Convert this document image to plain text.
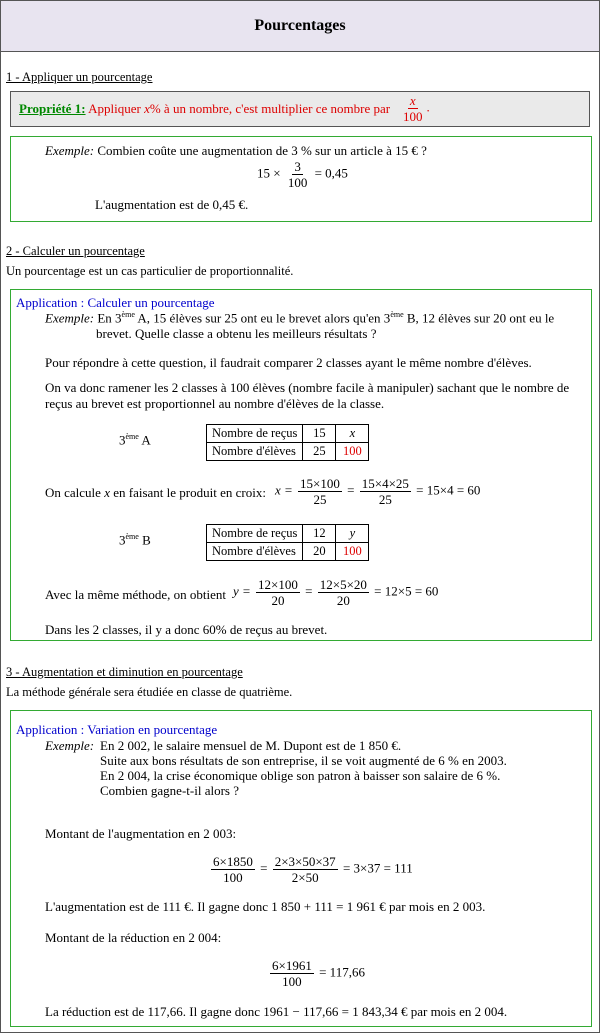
Pourcentages
1 - Appliquer un pourcentage
Propriété 1: Appliquer x% à un nombre, c'est multiplier ce nombre par $\frac{x}{100}$ .
Exemple: Combien coûte une augmentation de 3 % sur un article à 15 € ?
$15 \times \frac{3}{100} = 0,45$
L'augmentation est de 0,45 €.
2 - Calculer un pourcentage
Un pourcentage est un cas particulier de proportionnalité.
Application : Calculer un pourcentage
Exemple: En 3ème A, 15 élèves sur 25 ont eu le brevet alors qu'en 3ème B, 12 élèves sur 20 ont eu le
brevet. Quelle classe a obtenu les meilleurs résultats ?
Pour répondre à cette question, il faudrait comparer 2 classes ayant le même nombre d'élèves.
On va donc ramener les 2 classes à 100 élèves (nombre facile à manipuler) sachant que le nombre de
reçus au brevet est proportionnel au nombre d'élèves de la classe.
3ème A	Nombre de reçus	15	x
Nombre d'élèves	25	100
On calcule x en faisant le produit en croix: $x = \frac{15\times 100}{25} = \frac{15\times 4\times 25}{25} = 15\times 4 = 60$
3ème B	Nombre de reçus	12	y
Nombre d'élèves	20	100
Avec la même méthode, on obtient $y = \frac{12\times 100}{20} = \frac{12\times 5\times 20}{20} = 12\times 5 = 60$
Dans les 2 classes, il y a donc 60% de reçus au brevet.
3 - Augmentation et diminution en pourcentage
La méthode générale sera étudiée en classe de quatrième.
Application : Variation en pourcentage
Exemple: En 2 002, le salaire mensuel de M. Dupont est de 1 850 €.
Suite aux bons résultats de son entreprise, il se voit augmenté de 6 % en 2003.
En 2 004, la crise économique oblige son patron à baisser son salaire de 6 %.
Combien gagne-t-il alors ?
Montant de l'augmentation en 2 003:
$\frac{6\times 1850}{100} = \frac{2\times 3\times 50\times 37}{2\times 50} = 3\times 37 = 111$
L'augmentation est de 111 €. Il gagne donc 1 850 + 111 = 1 961 € par mois en 2 003.
Montant de la réduction en 2 004:
$\frac{6\times 1961}{100} = 117,66$
La réduction est de 117,66. Il gagne donc 1961 − 117,66 = 1 843,34 € par mois en 2 004.
